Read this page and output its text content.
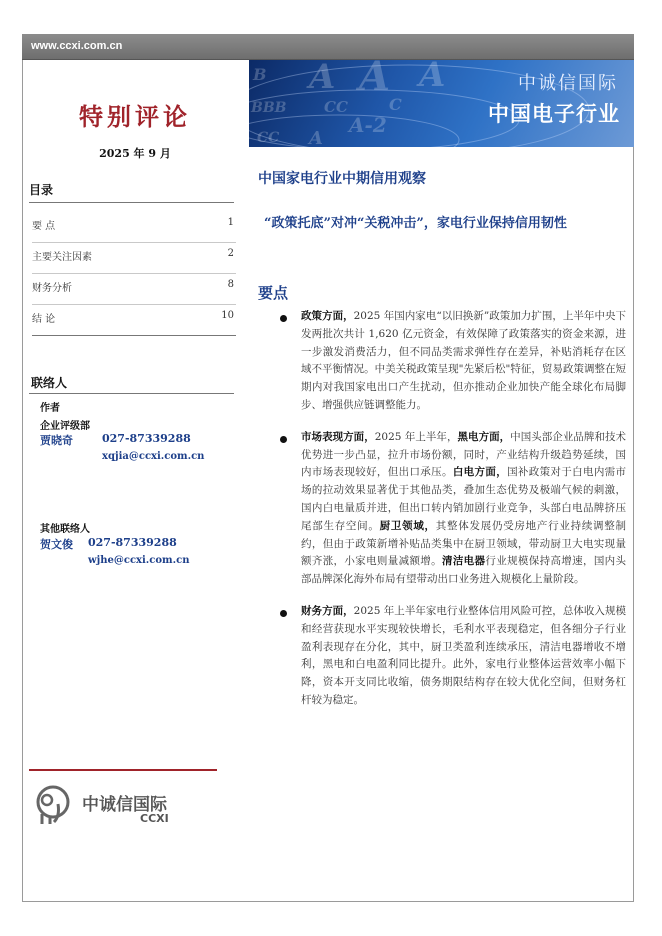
www.ccxi.com.cn
特别评论
2025 年 9 月
目录
要 点	1
主要关注因素	2
财务分析	8
结 论	10
联络人
作者
企业评级部
贾晓奇	027-87339288
xqjia@ccxi.com.cn
其他联络人
贺文俊 027-87339288
wjhe@ccxi.com.cn
中诚信国际
CCXI
B A A A
BBB	CC	C
A-2
CC A
中诚信国际
中国电子行业
中国家电行业中期信用观察
“政策托底”对冲“关税冲击”，家电行业保持信用韧性
要点
政策方面，2025 年国内家电“以旧换新”政策加力扩围，上半年中央下发两批次共计 1,620 亿元资金，有效保障了政策落实的资金来源，进一步激发消费活力，但不同品类需求弹性存在差异，补贴消耗存在区域不平衡情况。中美关税政策呈现"先紧后松"特征，贸易政策调整在短期内对我国家电出口产生扰动，但亦推动企业加快产能全球化布局脚步、增强供应链调整能力。
市场表现方面，2025 年上半年，黑电方面，中国头部企业品牌和技术优势进一步凸显，拉升市场份额，同时，产业结构升级趋势延续，国内市场表现较好，但出口承压。白电方面，国补政策对于白电内需市场的拉动效果显著优于其他品类，叠加生态优势及极端气候的刺激，国内白电量质并进，但出口转内销加剧行业竞争，头部白电品牌挤压尾部生存空间。厨卫领域，其整体发展仍受房地产行业持续调整制约，但由于政策新增补贴品类集中在厨卫领域，带动厨卫大电实现量额齐涨，小家电则量减额增。清洁电器行业规模保持高增速，国内头部品牌深化海外布局有望带动出口业务进入规模化上量阶段。
财务方面，2025 年上半年家电行业整体信用风险可控，总体收入规模和经营获现水平实现较快增长，毛利水平表现稳定，但各细分子行业盈利表现存在分化，其中，厨卫类盈利连续承压，清洁电器增收不增利，黑电和白电盈利同比提升。此外，家电行业整体运营效率小幅下降，资本开支同比收缩，债务期限结构存在较大优化空间，但财务杠杆较为稳定。
